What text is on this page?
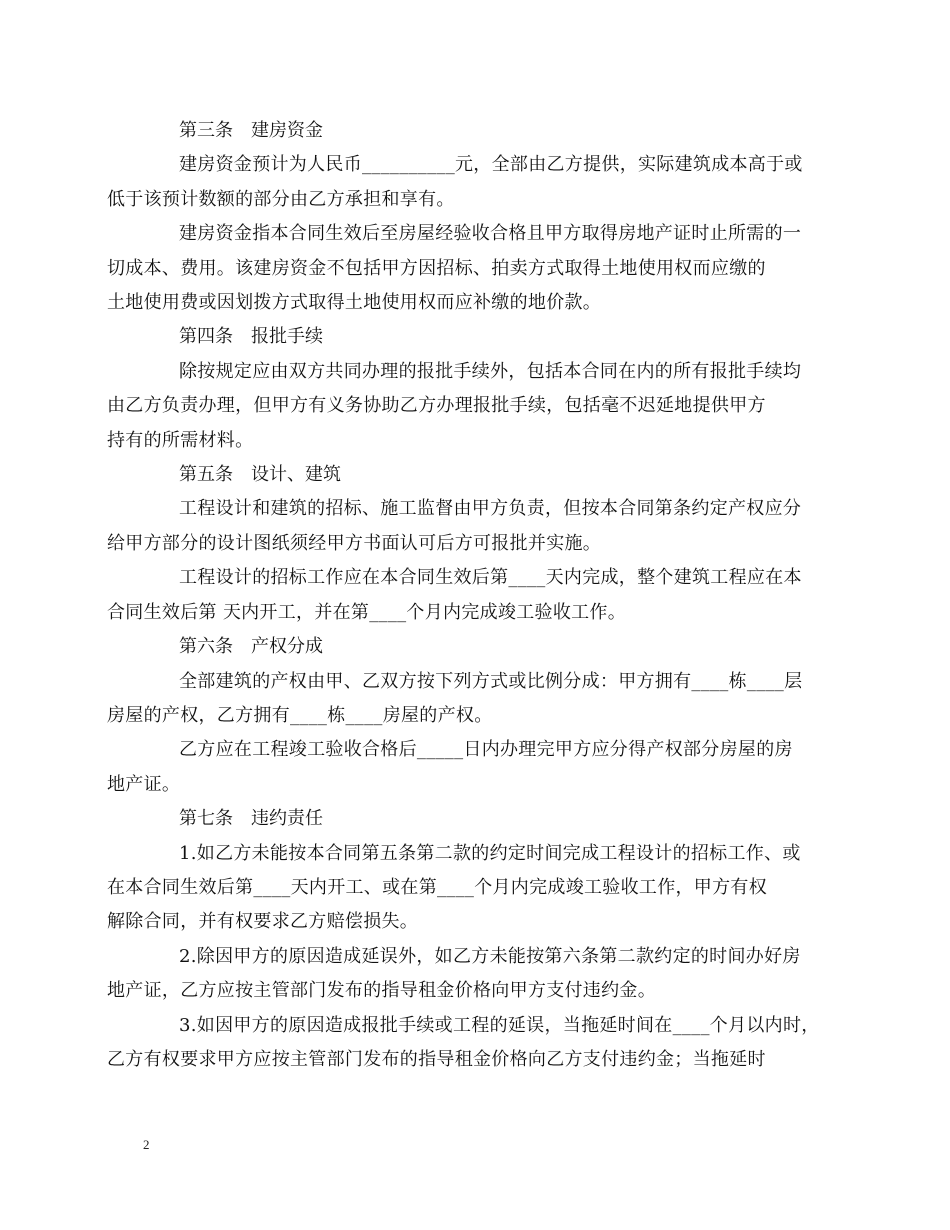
第三条　建房资金

建房资金预计为人民币__________元，全部由乙方提供，实际建筑成本高于或
低于该预计数额的部分由乙方承担和享有。

建房资金指本合同生效后至房屋经验收合格且甲方取得房地产证时止所需的一
切成本、费用。该建房资金不包括甲方因招标、拍卖方式取得土地使用权而应缴的
土地使用费或因划拨方式取得土地使用权而应补缴的地价款。

第四条　报批手续

除按规定应由双方共同办理的报批手续外，包括本合同在内的所有报批手续均
由乙方负责办理，但甲方有义务协助乙方办理报批手续，包括毫不迟延地提供甲方
持有的所需材料。

第五条　设计、建筑

工程设计和建筑的招标、施工监督由甲方负责，但按本合同第条约定产权应分
给甲方部分的设计图纸须经甲方书面认可后方可报批并实施。

工程设计的招标工作应在本合同生效后第____天内完成，整个建筑工程应在本
合同生效后第 天内开工，并在第____个月内完成竣工验收工作。

第六条　产权分成

全部建筑的产权由甲、乙双方按下列方式或比例分成：甲方拥有____栋____层
房屋的产权，乙方拥有____栋____房屋的产权。

乙方应在工程竣工验收合格后_____日内办理完甲方应分得产权部分房屋的房
地产证。

第七条　违约责任

1.如乙方未能按本合同第五条第二款的约定时间完成工程设计的招标工作、或
在本合同生效后第____天内开工、或在第____个月内完成竣工验收工作，甲方有权
解除合同，并有权要求乙方赔偿损失。

2.除因甲方的原因造成延误外，如乙方未能按第六条第二款约定的时间办好房
地产证，乙方应按主管部门发布的指导租金价格向甲方支付违约金。

3.如因甲方的原因造成报批手续或工程的延误，当拖延时间在____个月以内时，
乙方有权要求甲方应按主管部门发布的指导租金价格向乙方支付违约金；当拖延时

2
